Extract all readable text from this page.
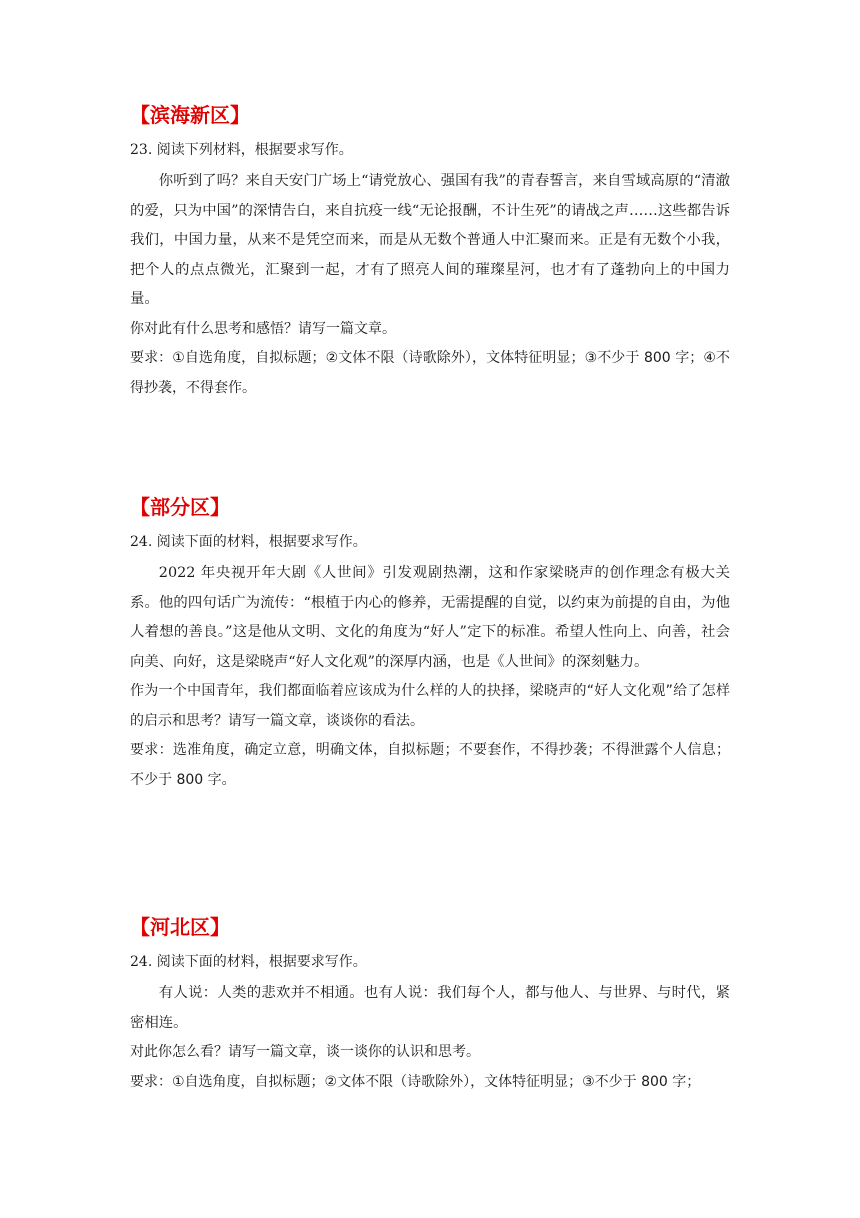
【滨海新区】
23. 阅读下列材料，根据要求写作。

你听到了吗？来自天安门广场上“请党放心、强国有我”的青春誓言，来自雪域高原的“清澈的爱，只为中国”的深情告白，来自抗疫一线“无论报酬，不计生死”的请战之声……这些都告诉我们，中国力量，从来不是凭空而来，而是从无数个普通人中汇聚而来。正是有无数个小我，把个人的点点微光，汇聚到一起，才有了照亮人间的璀璨星河，也才有了蓬勃向上的中国力量。

你对此有什么思考和感悟？请写一篇文章。

要求：①自选角度，自拟标题；②文体不限（诗歌除外），文体特征明显；③不少于 800 字；④不得抄袭，不得套作。

【部分区】
24. 阅读下面的材料，根据要求写作。

2022 年央视开年大剧《人世间》引发观剧热潮，这和作家梁晓声的创作理念有极大关系。他的四句话广为流传：“根植于内心的修养，无需提醒的自觉，以约束为前提的自由，为他人着想的善良。”这是他从文明、文化的角度为“好人”定下的标准。希望人性向上、向善，社会向美、向好，这是梁晓声“好人文化观”的深厚内涵，也是《人世间》的深刻魅力。

作为一个中国青年，我们都面临着应该成为什么样的人的抉择，梁晓声的“好人文化观”给了怎样的启示和思考？请写一篇文章，谈谈你的看法。

要求：选准角度，确定立意，明确文体，自拟标题；不要套作，不得抄袭；不得泄露个人信息；不少于 800 字。

【河北区】
24. 阅读下面的材料，根据要求写作。

有人说：人类的悲欢并不相通。也有人说：我们每个人，都与他人、与世界、与时代，紧密相连。

对此你怎么看？请写一篇文章，谈一谈你的认识和思考。

要求：①自选角度，自拟标题；②文体不限（诗歌除外），文体特征明显；③不少于 800 字；
